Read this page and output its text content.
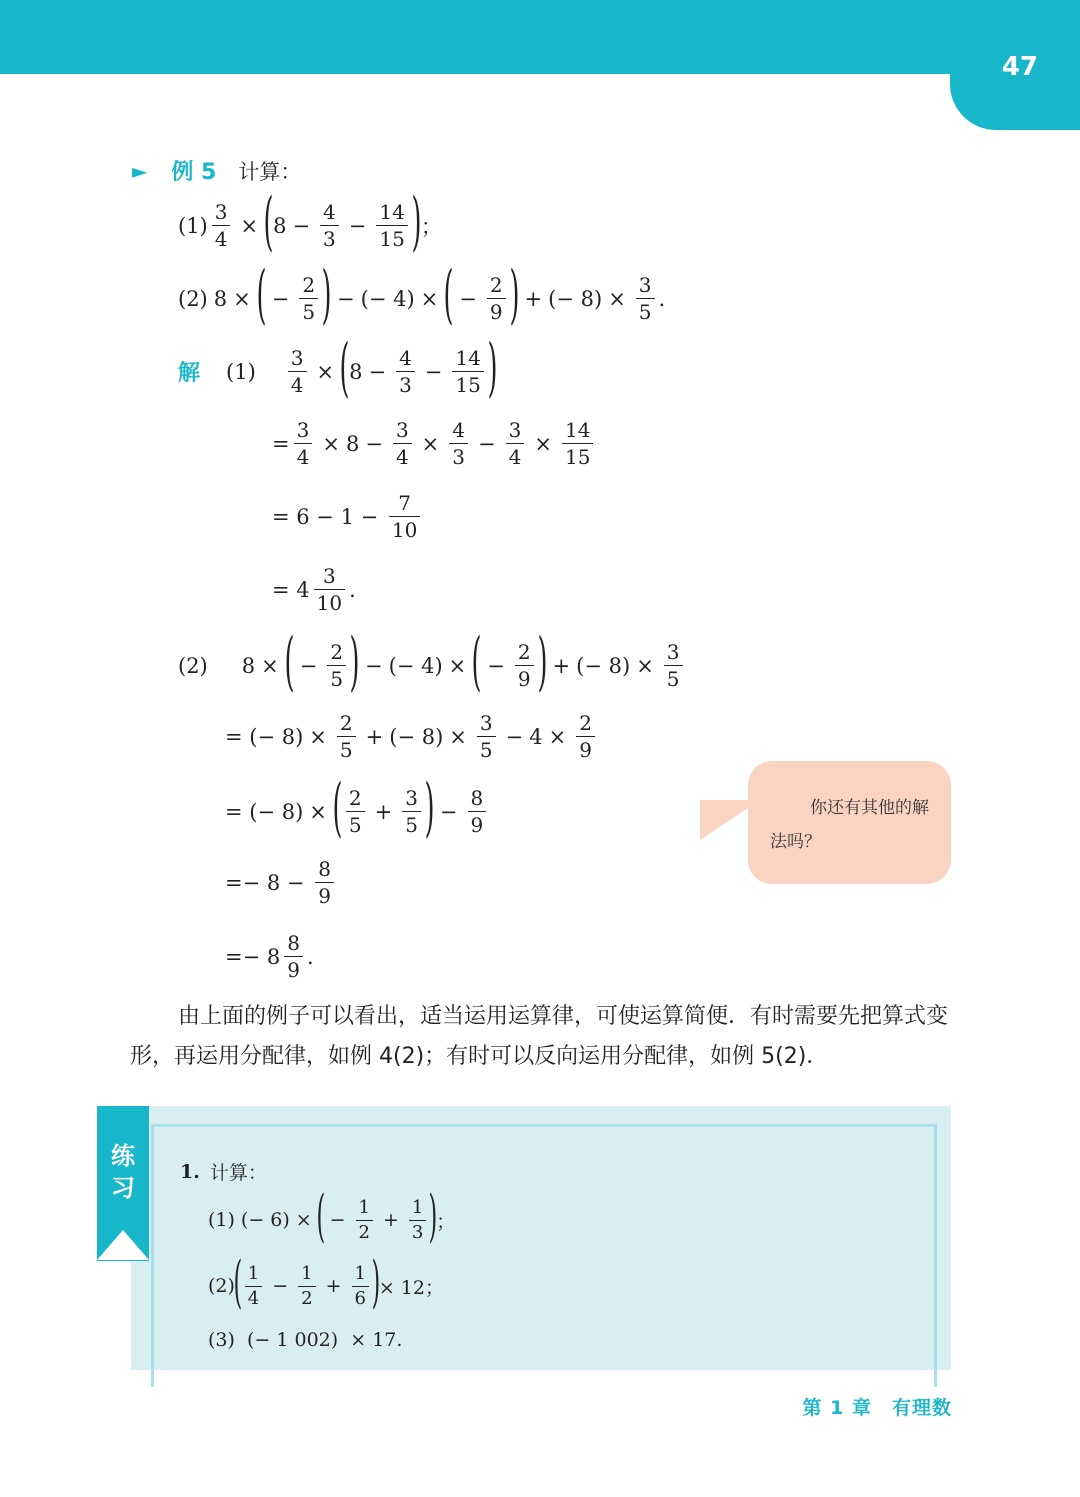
47
► 例 5 计算：
$(1) \frac{3}{4}$ × ( $8 - \frac{4}{3} - \frac{14}{15}$ ) ；
(2) 8 × ( − $\frac{2}{5}$ ) − (− 4) × ( − $\frac{2}{9}$ ) + (− $8) \times \frac{3}{5}$ .
解 $(1) \frac{3}{4}$ × ( $8 - \frac{4}{3} - \frac{14}{15}$ )
= $\frac{3}{4} \times 8 - \frac{3}{4} \times \frac{4}{3} - \frac{3}{4} \times \frac{14}{15}$
= $6 - 1 - \frac{7}{10}$
= $4 \frac{3}{10}$ .
(2) 8 × ( − $\frac{2}{5}$ ) − (− 4) × ( − $\frac{2}{9}$ ) + (− $8) \times \frac{3}{5}$
= (− $8) \times \frac{2}{5}$ + (− $8) \times \frac{3}{5} - 4 \times \frac{2}{9}$
= (− 8) × ( $\frac{2}{5} + \frac{3}{5}$ ) − $\frac{8}{9}$
=− $8 - \frac{8}{9}$
=− $8 \frac{8}{9}$ .
你还有其他的解法吗？
由上面的例子可以看出，适当运用运算律，可使运算简便．有时需要先把算式变形，再运用分配律，如例 4(2)；有时可以反向运用分配律，如例 5(2)．
练习
1. 计算：
(1) (− 6) × ( − $\frac{1}{2} + \frac{1}{3}$ )
；
(2)
( $\frac{1}{4} - \frac{1}{2} + \frac{1}{6}$ )
× 12；
(3)  (− 1 002)  × 17.
第 1 章　有理数
